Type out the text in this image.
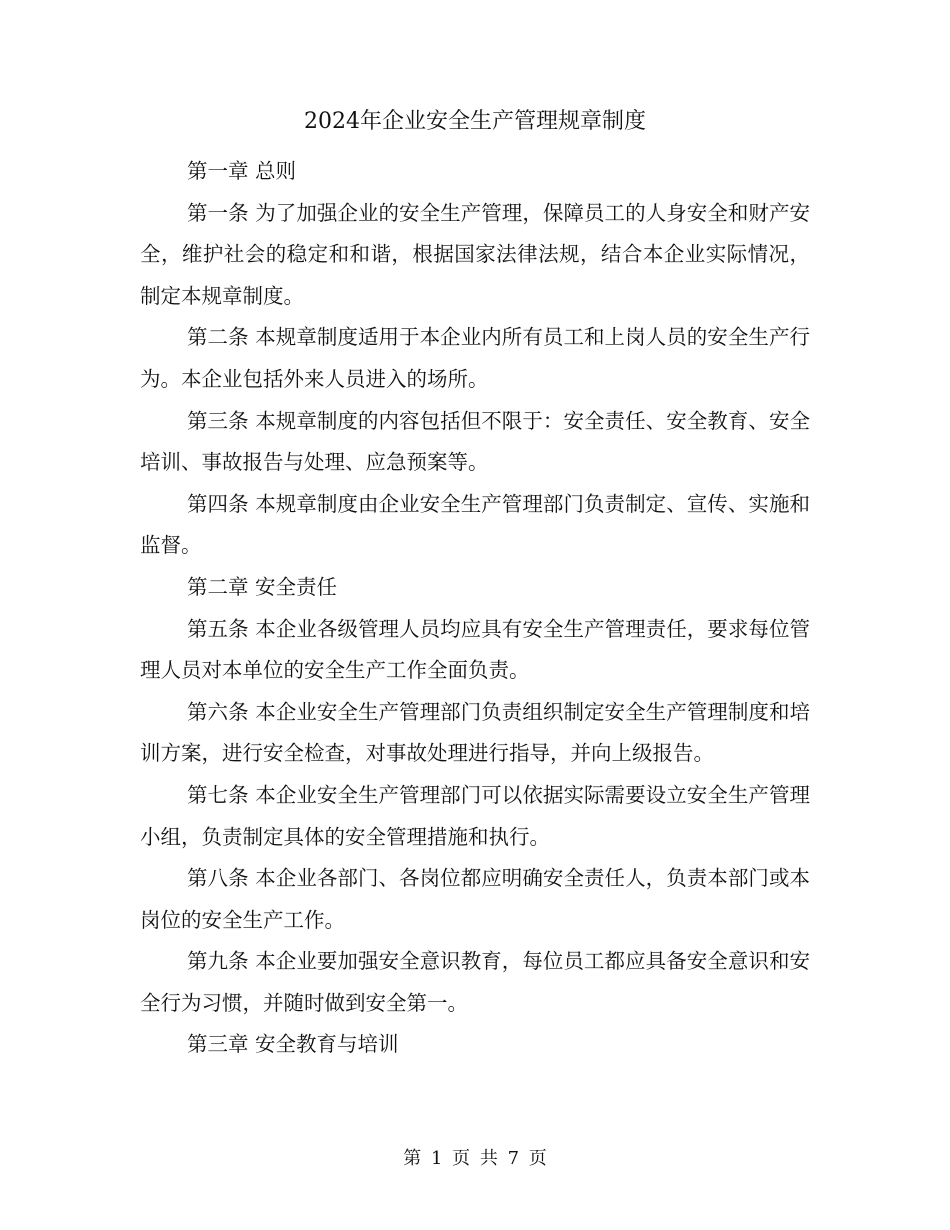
2024年企业安全生产管理规章制度

第一章 总则

第一条 为了加强企业的安全生产管理，保障员工的人身安全和财产安全，维护社会的稳定和和谐，根据国家法律法规，结合本企业实际情况，制定本规章制度。

第二条 本规章制度适用于本企业内所有员工和上岗人员的安全生产行为。本企业包括外来人员进入的场所。

第三条 本规章制度的内容包括但不限于：安全责任、安全教育、安全培训、事故报告与处理、应急预案等。

第四条 本规章制度由企业安全生产管理部门负责制定、宣传、实施和监督。

第二章 安全责任

第五条 本企业各级管理人员均应具有安全生产管理责任，要求每位管理人员对本单位的安全生产工作全面负责。

第六条 本企业安全生产管理部门负责组织制定安全生产管理制度和培训方案，进行安全检查，对事故处理进行指导，并向上级报告。

第七条 本企业安全生产管理部门可以依据实际需要设立安全生产管理小组，负责制定具体的安全管理措施和执行。

第八条 本企业各部门、各岗位都应明确安全责任人，负责本部门或本岗位的安全生产工作。

第九条 本企业要加强安全意识教育，每位员工都应具备安全意识和安全行为习惯，并随时做到安全第一。

第三章 安全教育与培训

第 1 页 共 7 页
